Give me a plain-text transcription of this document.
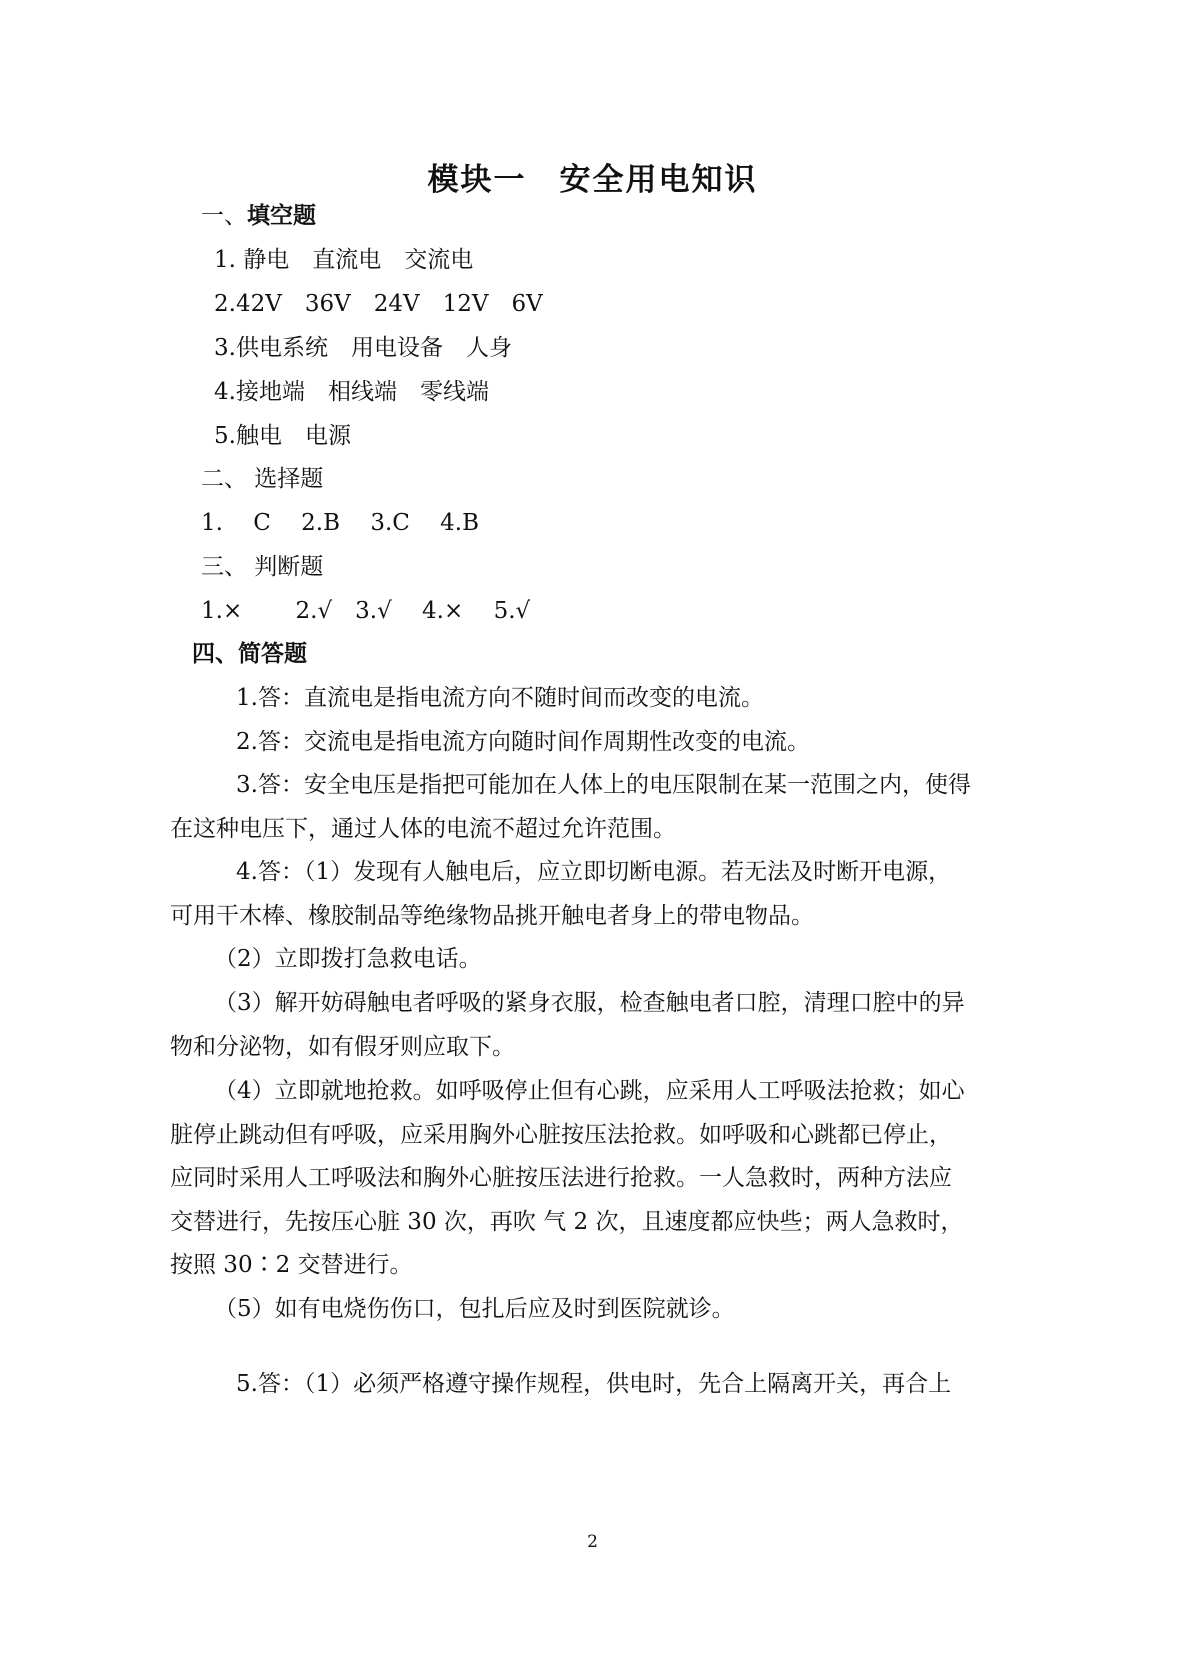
模块一　安全用电知识
一、填空题
1. 静电　直流电　交流电
2.42V　36V　24V　12V　6V
3.供电系统　用电设备　人身
4.接地端　相线端　零线端
5.触电　电源
二、 选择题
1.　 C　 2.B　 3.C　 4.B
三、 判断题
1.×　　 2.√　3.√　 4.×　 5.√
四、简答题
1.答：直流电是指电流方向不随时间而改变的电流。
2.答：交流电是指电流方向随时间作周期性改变的电流。
3.答：安全电压是指把可能加在人体上的电压限制在某一范围之内，使得
在这种电压下，通过人体的电流不超过允许范围。
4.答：（1）发现有人触电后，应立即切断电源。若无法及时断开电源，
可用干木棒、橡胶制品等绝缘物品挑开触电者身上的带电物品。
（2）立即拨打急救电话。
（3）解开妨碍触电者呼吸的紧身衣服，检查触电者口腔，清理口腔中的异
物和分泌物，如有假牙则应取下。
（4）立即就地抢救。如呼吸停止但有心跳，应采用人工呼吸法抢救；如心
脏停止跳动但有呼吸，应采用胸外心脏按压法抢救。如呼吸和心跳都已停止，
应同时采用人工呼吸法和胸外心脏按压法进行抢救。一人急救时，两种方法应
交替进行，先按压心脏 30 次，再吹 气 2 次，且速度都应快些；两人急救时，
按照 30∶2 交替进行。
（5）如有电烧伤伤口，包扎后应及时到医院就诊。
5.答：（1）必须严格遵守操作规程，供电时，先合上隔离开关，再合上
2
